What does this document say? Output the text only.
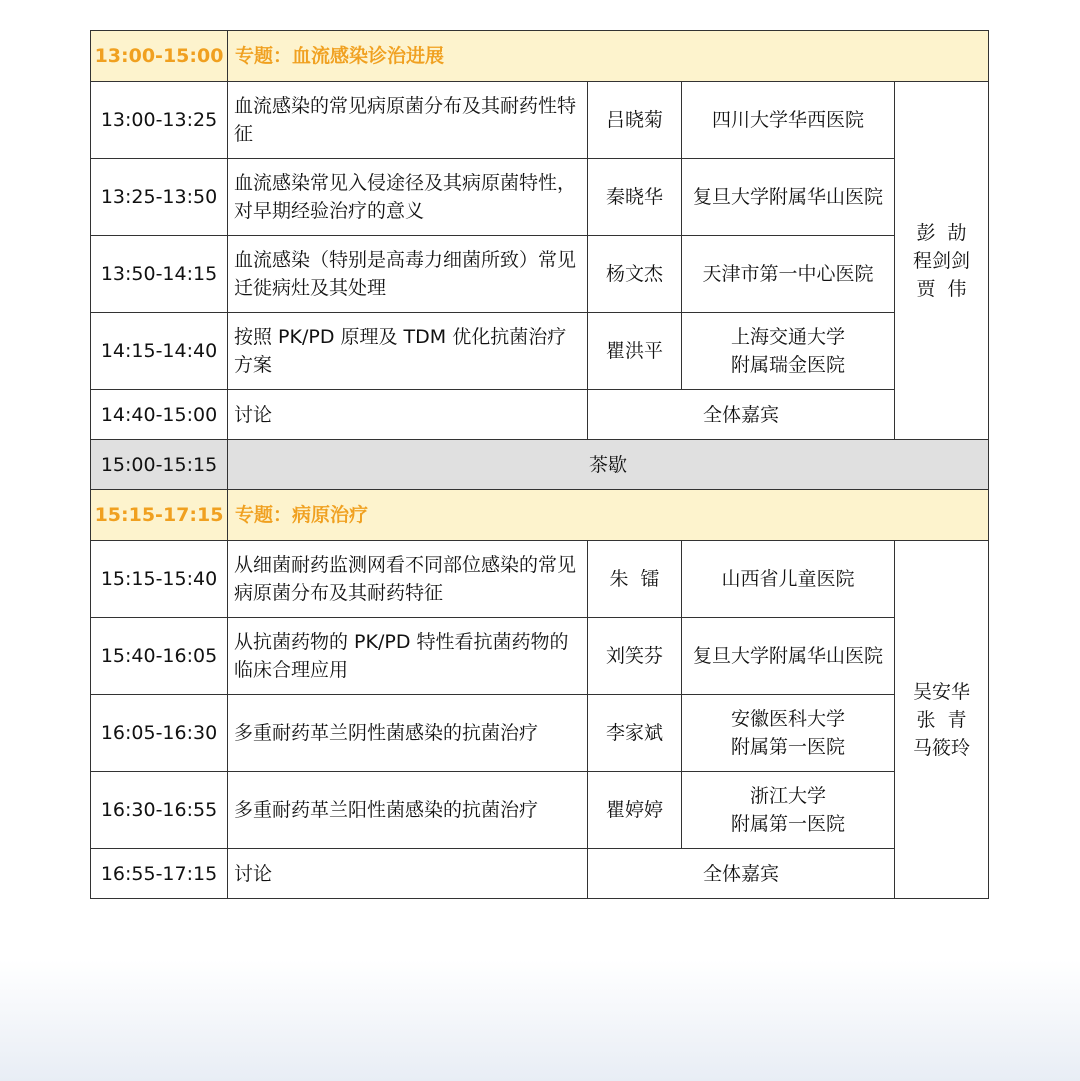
13:00-15:00	专题：血流感染诊治进展			
13:00-13:25	血流感染的常见病原菌分布及其耐药性特征	吕晓菊	四川大学华西医院	彭  劼
程剑剑
贾  伟

13:25-13:50	血流感染常见入侵途径及其病原菌特性，对早期经验治疗的意义	秦晓华	复旦大学附属华山医院	

13:50-14:15	血流感染（特别是高毒力细菌所致）常见迁徙病灶及其处理	杨文杰	天津市第一中心医院	

14:15-14:40	按照 PK/PD 原理及 TDM 优化抗菌治疗方案	瞿洪平	上海交通大学
附属瑞金医院	

14:40-15:00	讨论	全体嘉宾		
15:00-15:15	茶歇			
15:15-17:15	专题：病原治疗			
15:15-15:40	从细菌耐药监测网看不同部位感染的常见病原菌分布及其耐药特征	朱  镭	山西省儿童医院	吴安华
张  青
马筱玲

15:40-16:05	从抗菌药物的 PK/PD 特性看抗菌药物的临床合理应用	刘笑芬	复旦大学附属华山医院	

16:05-16:30	多重耐药革兰阴性菌感染的抗菌治疗	李家斌	安徽医科大学
附属第一医院	

16:30-16:55	多重耐药革兰阳性菌感染的抗菌治疗	瞿婷婷	浙江大学
附属第一医院	

16:55-17:15	讨论	全体嘉宾		
